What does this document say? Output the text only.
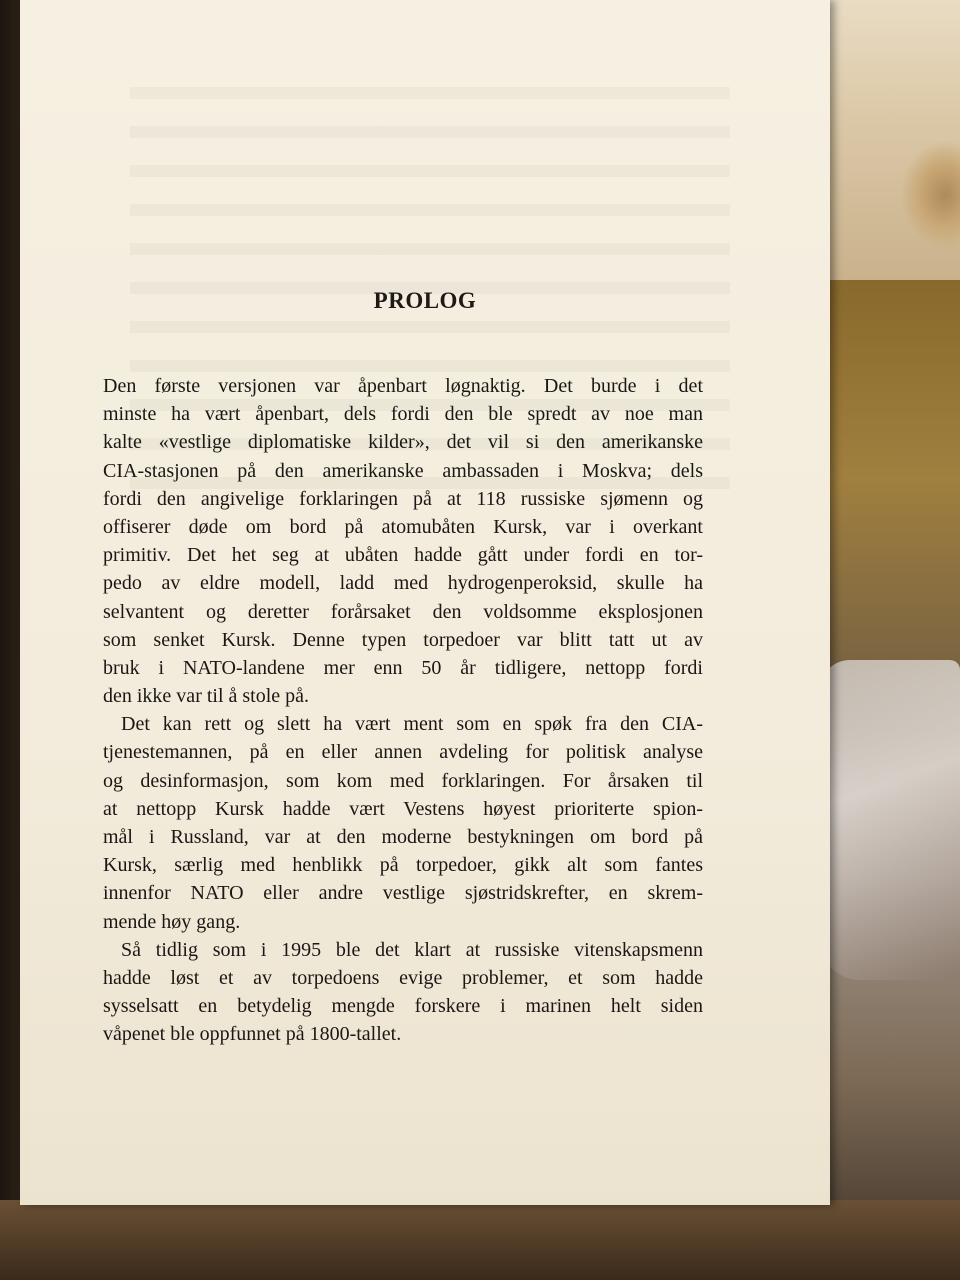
PROLOG
Den første versjonen var åpenbart løgnaktig. Det burde i det
minste ha vært åpenbart, dels fordi den ble spredt av noe man
kalte «vestlige diplomatiske kilder», det vil si den amerikanske
CIA-stasjonen på den amerikanske ambassaden i Moskva; dels
fordi den angivelige forklaringen på at 118 russiske sjømenn og
offiserer døde om bord på atomubåten Kursk, var i overkant
primitiv. Det het seg at ubåten hadde gått under fordi en tor-
pedo av eldre modell, ladd med hydrogenperoksid, skulle ha
selvantent og deretter forårsaket den voldsomme eksplosjonen
som senket Kursk. Denne typen torpedoer var blitt tatt ut av
bruk i NATO-landene mer enn 50 år tidligere, nettopp fordi
den ikke var til å stole på.
Det kan rett og slett ha vært ment som en spøk fra den CIA-
tjenestemannen, på en eller annen avdeling for politisk analyse
og desinformasjon, som kom med forklaringen. For årsaken til
at nettopp Kursk hadde vært Vestens høyest prioriterte spion-
mål i Russland, var at den moderne bestykningen om bord på
Kursk, særlig med henblikk på torpedoer, gikk alt som fantes
innenfor NATO eller andre vestlige sjøstridskrefter, en skrem-
mende høy gang.
Så tidlig som i 1995 ble det klart at russiske vitenskapsmenn
hadde løst et av torpedoens evige problemer, et som hadde
sysselsatt en betydelig mengde forskere i marinen helt siden
våpenet ble oppfunnet på 1800-tallet.
